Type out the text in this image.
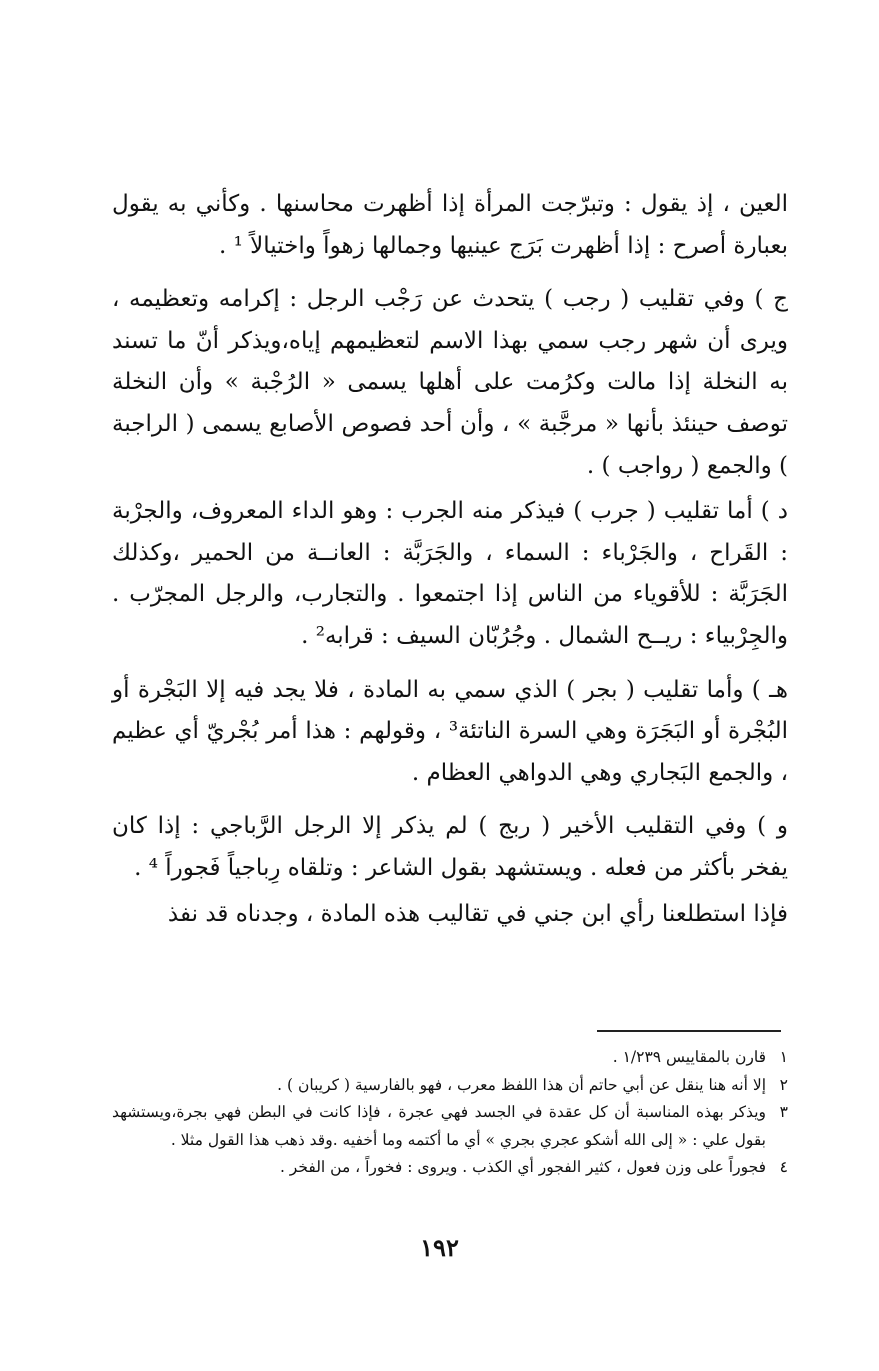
العين ، إذ يقول : وتبرّجت المرأة إذا أظهرت محاسنها . وكأني به يقول بعبارة أصرح : إذا أظهرت بَرَج عينيها وجمالها زهواً واختيالاً ¹ .

ج ) وفي تقليب ( رجب ) يتحدث عن رَجْب الرجل : إكرامه وتعظيمه ، ويرى أن شهر رجب سمي بهذا الاسم لتعظيمهم إياه،ويذكر أنّ ما تسند به النخلة إذا مالت وكرُمت على أهلها يسمى « الرُجْبة » وأن النخلة توصف حينئذ بأنها « مرجَّبة » ، وأن أحد فصوص الأصابع يسمى ( الراجبة ) والجمع ( رواجب ) .

د ) أما تقليب ( جرب ) فيذكر منه الجرب : وهو الداء المعروف، والجرْبة : القَراح ، والجَرْباء : السماء ، والجَرَبَّة : العانــة من الحمير ،وكذلك الجَرَبَّة : للأقوياء من الناس إذا اجتمعوا . والتجارب، والرجل المجرّب . والجِرْبياء : ريــح الشمال . وجُرُبّان السيف : قرابه² .

هـ ) وأما تقليب ( بجر ) الذي سمي به المادة ، فلا يجد فيه إلا البَجْرة أو البُجْرة أو البَجَرَة وهي السرة الناتئة³ ، وقولهم : هذا أمر بُجْريّ أي عظيم ، والجمع البَجاري وهي الدواهي العظام .

و ) وفي التقليب الأخير ( ربج ) لم يذكر إلا الرجل الرَّباجي : إذا كان يفخر بأكثر من فعله . ويستشهد بقول الشاعر : وتلقاه رِباجياً فَجوراً ⁴ .

فإذا استطلعنا رأي ابن جني في تقاليب هذه المادة ، وجدناه قد نفذ

١
قارن بالمقاييس ١/٢٣٩ .

٢
إلا أنه هنا ينقل عن أبي حاتم أن هذا اللفظ معرب ، فهو بالفارسية ( كريبان ) .

٣
ويذكر بهذه المناسبة أن كل عقدة في الجسد فهي عجرة ، فإذا كانت في البطن فهي بجرة،ويستشهد بقول علي : « إلى الله أشكو عجري بجري » أي ما أكتمه وما أخفيه .وقد ذهب هذا القول مثلا .

٤
فجوراً على وزن فعول ، كثير الفجور أي الكذب . ويروى : فخوراً ، من الفخر .

١٩٢
